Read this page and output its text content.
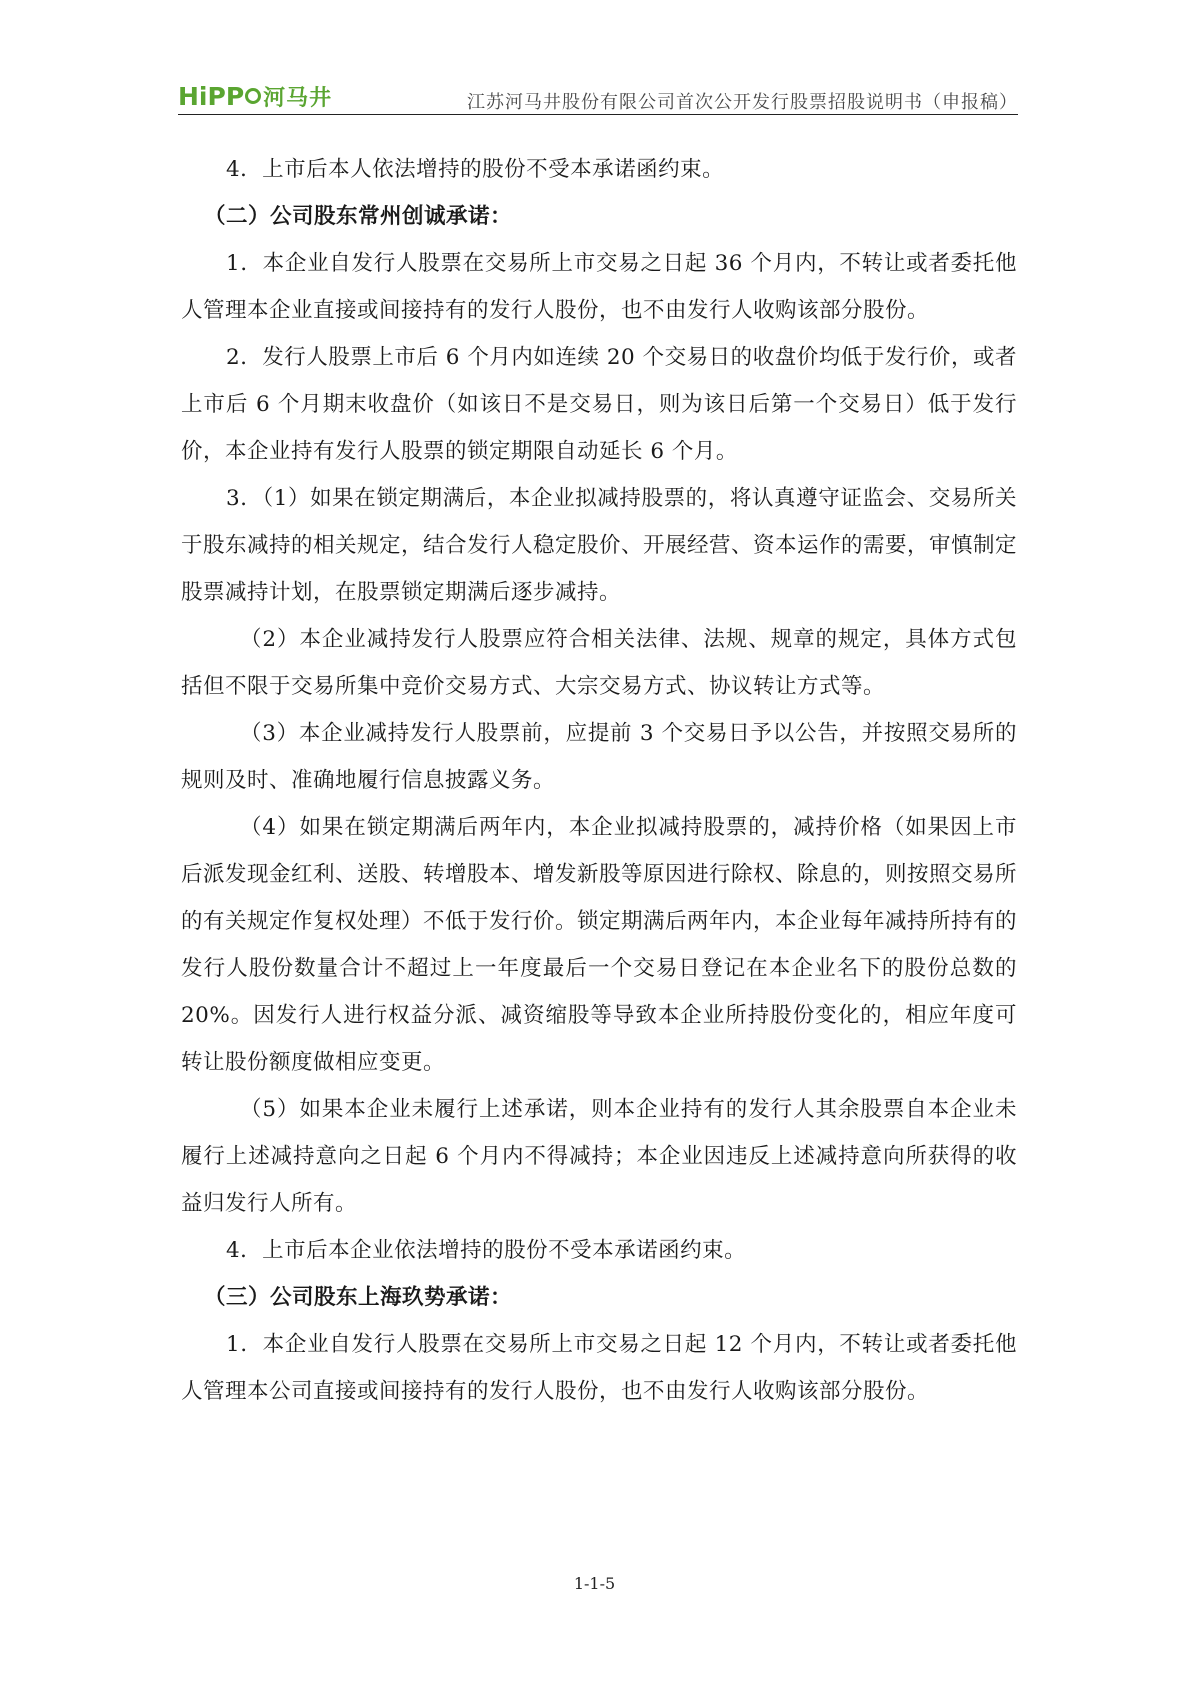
HiPP 河马井	江苏河马井股份有限公司首次公开发行股票招股说明书（申报稿）

4．上市后本人依法增持的股份不受本承诺函约束。

（二）公司股东常州创诚承诺：

1．本企业自发行人股票在交易所上市交易之日起 36 个月内，不转让或者委托他人管理本企业直接或间接持有的发行人股份，也不由发行人收购该部分股份。

2．发行人股票上市后 6 个月内如连续 20 个交易日的收盘价均低于发行价，或者上市后 6 个月期末收盘价（如该日不是交易日，则为该日后第一个交易日）低于发行价，本企业持有发行人股票的锁定期限自动延长 6 个月。

3．（1）如果在锁定期满后，本企业拟减持股票的，将认真遵守证监会、交易所关于股东减持的相关规定，结合发行人稳定股价、开展经营、资本运作的需要，审慎制定股票减持计划，在股票锁定期满后逐步减持。

（2）本企业减持发行人股票应符合相关法律、法规、规章的规定，具体方式包括但不限于交易所集中竞价交易方式、大宗交易方式、协议转让方式等。

（3）本企业减持发行人股票前，应提前 3 个交易日予以公告，并按照交易所的规则及时、准确地履行信息披露义务。

（4）如果在锁定期满后两年内，本企业拟减持股票的，减持价格（如果因上市后派发现金红利、送股、转增股本、增发新股等原因进行除权、除息的，则按照交易所的有关规定作复权处理）不低于发行价。锁定期满后两年内，本企业每年减持所持有的发行人股份数量合计不超过上一年度最后一个交易日登记在本企业名下的股份总数的 20%。因发行人进行权益分派、减资缩股等导致本企业所持股份变化的，相应年度可转让股份额度做相应变更。

（5）如果本企业未履行上述承诺，则本企业持有的发行人其余股票自本企业未履行上述减持意向之日起 6 个月内不得减持；本企业因违反上述减持意向所获得的收益归发行人所有。

4．上市后本企业依法增持的股份不受本承诺函约束。

（三）公司股东上海玖势承诺：

1．本企业自发行人股票在交易所上市交易之日起 12 个月内，不转让或者委托他人管理本公司直接或间接持有的发行人股份，也不由发行人收购该部分股份。

1-1-5
